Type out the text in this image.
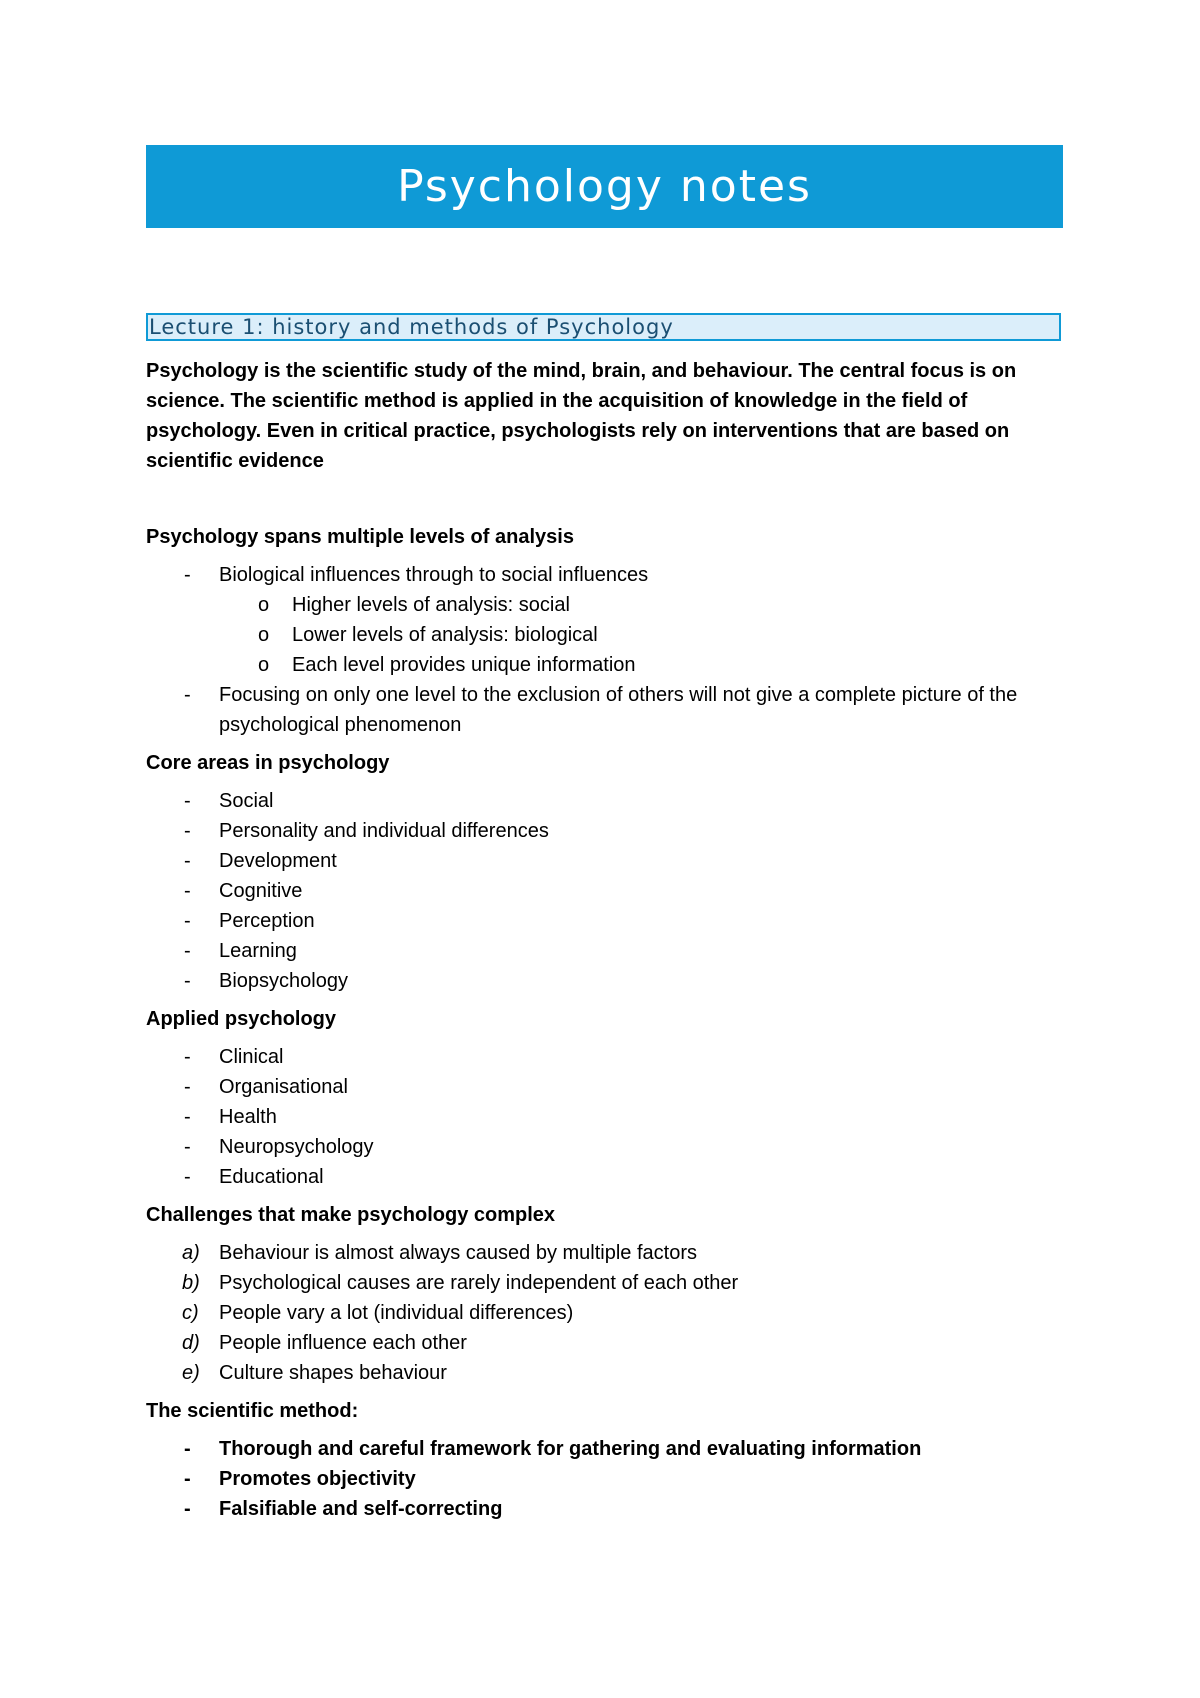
Psychology notes
Lecture 1: history and methods of Psychology

Psychology is the scientific study of the mind, brain, and behaviour. The central focus is on science. The scientific method is applied in the acquisition of knowledge in the field of psychology. Even in critical practice, psychologists rely on interventions that are based on scientific evidence

Psychology spans multiple levels of analysis

- Biological influences through to social influences
o Higher levels of analysis: social
o Lower levels of analysis: biological
o Each level provides unique information
- Focusing on only one level to the exclusion of others will not give a complete picture of the psychological phenomenon

Core areas in psychology

- Social
- Personality and individual differences
- Development
- Cognitive
- Perception
- Learning
- Biopsychology

Applied psychology

- Clinical
- Organisational
- Health
- Neuropsychology
- Educational

Challenges that make psychology complex

a) Behaviour is almost always caused by multiple factors
b) Psychological causes are rarely independent of each other
c) People vary a lot (individual differences)
d) People influence each other
e) Culture shapes behaviour

The scientific method:

- Thorough and careful framework for gathering and evaluating information
- Promotes objectivity
- Falsifiable and self-correcting
